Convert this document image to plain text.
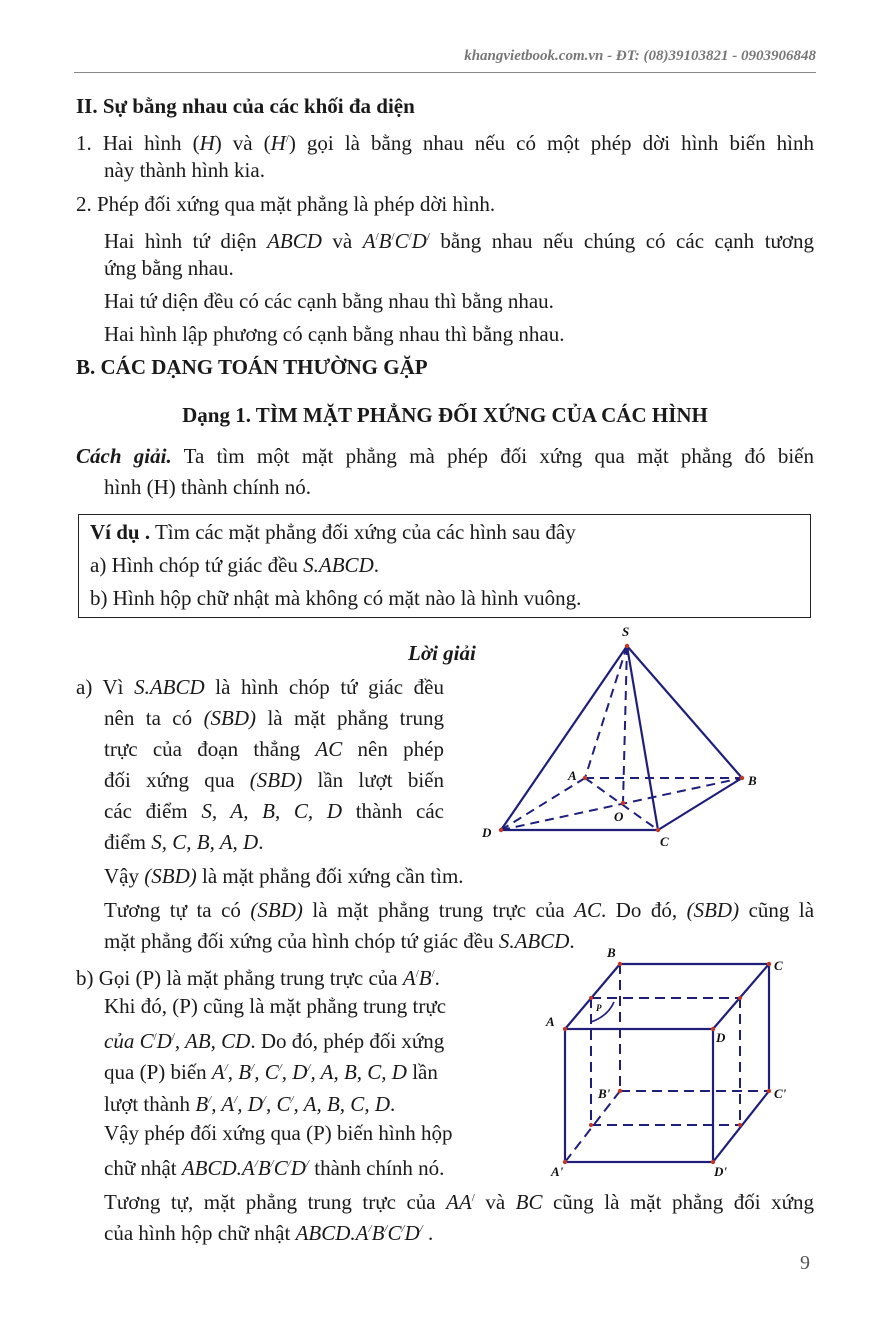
khangvietbook.com.vn - ĐT: (08)39103821 - 0903906848
II. Sự bằng nhau của các khối đa diện
1. Hai hình (H) và (H/) gọi là bằng nhau nếu có một phép dời hình biến hình
này thành hình kia.
2. Phép đối xứng qua mặt phẳng là phép dời hình.
Hai hình tứ diện ABCD và A/B/C/D/ bằng nhau nếu chúng có các cạnh tương
ứng bằng nhau.
Hai tứ diện đều có các cạnh bằng nhau thì bằng nhau.
Hai hình lập phương có cạnh bằng nhau thì bằng nhau.
B. CÁC DẠNG TOÁN THƯỜNG GẶP
Dạng 1. TÌM MẶT PHẲNG ĐỐI XỨNG CỦA CÁC HÌNH
Cách giải. Ta tìm một mặt phẳng mà phép đối xứng qua mặt phẳng đó biến
hình (H) thành chính nó.
Ví dụ . Tìm các mặt phẳng đối xứng của các hình sau đây
a) Hình chóp tứ giác đều S.ABCD.
b) Hình hộp chữ nhật mà không có mặt nào là hình vuông.
Lời giải
a) Vì S.ABCD là hình chóp tứ giác đều
nên ta có (SBD) là mặt phẳng trung
trực của đoạn thẳng AC nên phép
đối xứng qua (SBD) lần lượt biến
các điểm S, A, B, C, D thành các
điểm S, C, B, A, D.
Vậy (SBD) là mặt phẳng đối xứng cần tìm.
Tương tự ta có (SBD) là mặt phẳng trung trực của AC. Do đó, (SBD) cũng là
mặt phẳng đối xứng của hình chóp tứ giác đều S.ABCD.
b) Gọi (P) là mặt phẳng trung trực của A/B/.
Khi đó, (P) cũng là mặt phẳng trung trực
của C/D/, AB, CD. Do đó, phép đối xứng
qua (P) biến A/, B/, C/, D/, A, B, C, D lần
lượt thành B/, A/, D/, C/, A, B, C, D.
Vậy phép đối xứng qua (P) biến hình hộp
chữ nhật ABCD.A/B/C/D/ thành chính nó.
Tương tự, mặt phẳng trung trực của AA/ và BC cũng là mặt phẳng đối xứng
của hình hộp chữ nhật ABCD.A/B/C/D/ .
S
A	B
C
D
O
A
B
C
D
A'
B'	C'
D'
P
9
